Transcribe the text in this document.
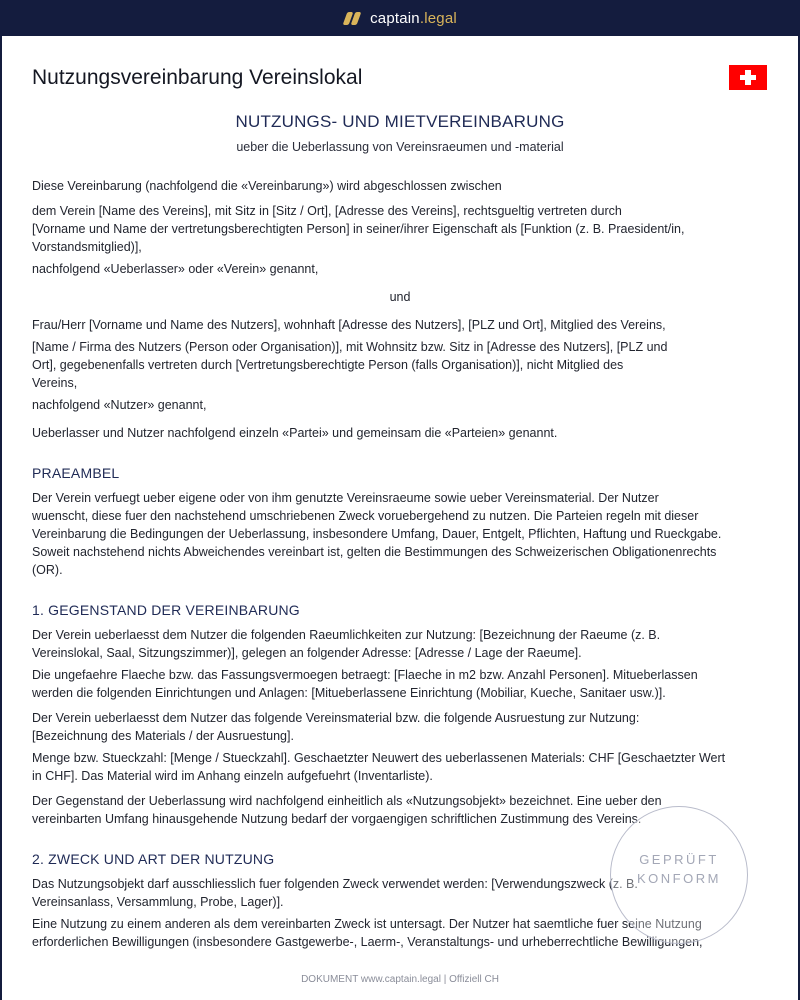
captain.legal
Nutzungsvereinbarung Vereinslokal
NUTZUNGS- UND MIETVEREINBARUNG
ueber die Ueberlassung von Vereinsraeumen und -material
Diese Vereinbarung (nachfolgend die «Vereinbarung») wird abgeschlossen zwischen
dem Verein [Name des Vereins], mit Sitz in [Sitz / Ort], [Adresse des Vereins], rechtsgueltig vertreten durch
[Vorname und Name der vertretungsberechtigten Person] in seiner/ihrer Eigenschaft als [Funktion (z. B. Praesident/in,
Vorstandsmitglied)],
nachfolgend «Ueberlasser» oder «Verein» genannt,
und
Frau/Herr [Vorname und Name des Nutzers], wohnhaft [Adresse des Nutzers], [PLZ und Ort], Mitglied des Vereins,
[Name / Firma des Nutzers (Person oder Organisation)], mit Wohnsitz bzw. Sitz in [Adresse des Nutzers], [PLZ und
Ort], gegebenenfalls vertreten durch [Vertretungsberechtigte Person (falls Organisation)], nicht Mitglied des
Vereins,
nachfolgend «Nutzer» genannt,
Ueberlasser und Nutzer nachfolgend einzeln «Partei» und gemeinsam die «Parteien» genannt.
PRAEAMBEL
Der Verein verfuegt ueber eigene oder von ihm genutzte Vereinsraeume sowie ueber Vereinsmaterial. Der Nutzer
wuenscht, diese fuer den nachstehend umschriebenen Zweck voruebergehend zu nutzen. Die Parteien regeln mit dieser
Vereinbarung die Bedingungen der Ueberlassung, insbesondere Umfang, Dauer, Entgelt, Pflichten, Haftung und Rueckgabe.
Soweit nachstehend nichts Abweichendes vereinbart ist, gelten die Bestimmungen des Schweizerischen Obligationenrechts
(OR).
1. GEGENSTAND DER VEREINBARUNG
Der Verein ueberlaesst dem Nutzer die folgenden Raeumlichkeiten zur Nutzung: [Bezeichnung der Raeume (z. B.
Vereinslokal, Saal, Sitzungszimmer)], gelegen an folgender Adresse: [Adresse / Lage der Raeume].
Die ungefaehre Flaeche bzw. das Fassungsvermoegen betraegt: [Flaeche in m2 bzw. Anzahl Personen]. Mitueberlassen
werden die folgenden Einrichtungen und Anlagen: [Mitueberlassene Einrichtung (Mobiliar, Kueche, Sanitaer usw.)].
Der Verein ueberlaesst dem Nutzer das folgende Vereinsmaterial bzw. die folgende Ausruestung zur Nutzung:
[Bezeichnung des Materials / der Ausruestung].
Menge bzw. Stueckzahl: [Menge / Stueckzahl]. Geschaetzter Neuwert des ueberlassenen Materials: CHF [Geschaetzter Wert
in CHF]. Das Material wird im Anhang einzeln aufgefuehrt (Inventarliste).
Der Gegenstand der Ueberlassung wird nachfolgend einheitlich als «Nutzungsobjekt» bezeichnet. Eine ueber den
vereinbarten Umfang hinausgehende Nutzung bedarf der vorgaengigen schriftlichen Zustimmung des Vereins.
2. ZWECK UND ART DER NUTZUNG
Das Nutzungsobjekt darf ausschliesslich fuer folgenden Zweck verwendet werden: [Verwendungszweck (z. B.
Vereinsanlass, Versammlung, Probe, Lager)].
Eine Nutzung zu einem anderen als dem vereinbarten Zweck ist untersagt. Der Nutzer hat saemtliche fuer seine Nutzung
erforderlichen Bewilligungen (insbesondere Gastgewerbe-, Laerm-, Veranstaltungs- und urheberrechtliche Bewilligungen,
GEPRÜFT
KONFORM
DOKUMENT www.captain.legal | Offiziell CH
